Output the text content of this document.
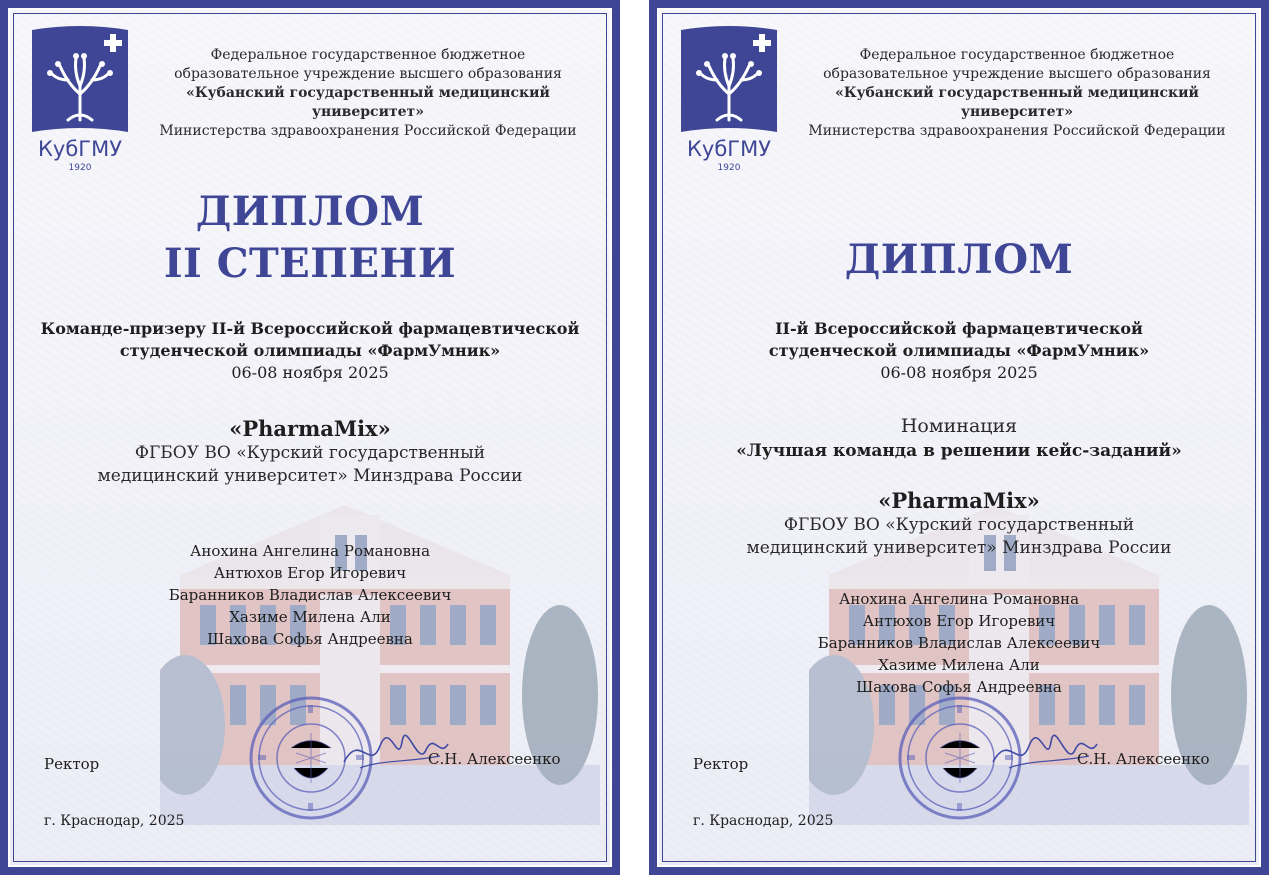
КубГМУ
1920
Федеральное государственное бюджетное
образовательное учреждение высшего образования
«Кубанский государственный медицинский университет»
Министерства здравоохранения Российской Федерации
ДИПЛОМ
II СТЕПЕНИ
Команде-призеру II-й Всероссийской фармацевтической
студенческой олимпиады «ФармУмник»
06-08 ноября 2025
«PharmaMix»
ФГБОУ ВО «Курский государственный
медицинский университет» Минздрава России
Анохина Ангелина Романовна
Антюхов Егор Игоревич
Баранников Владислав Алексеевич
Хазиме Милена Али
Шахова Софья Андреевна
Ректор	С.Н. Алексеенко
г. Краснодар, 2025
КубГМУ
1920
Федеральное государственное бюджетное
образовательное учреждение высшего образования
«Кубанский государственный медицинский университет»
Министерства здравоохранения Российской Федерации
ДИПЛОМ
II-й Всероссийской фармацевтической
студенческой олимпиады «ФармУмник»
06-08 ноября 2025
Номинация
«Лучшая команда в решении кейс-заданий»
«PharmaMix»
ФГБОУ ВО «Курский государственный
медицинский университет» Минздрава России
Анохина Ангелина Романовна
Антюхов Егор Игоревич
Баранников Владислав Алексеевич
Хазиме Милена Али
Шахова Софья Андреевна
Ректор	С.Н. Алексеенко
г. Краснодар, 2025
